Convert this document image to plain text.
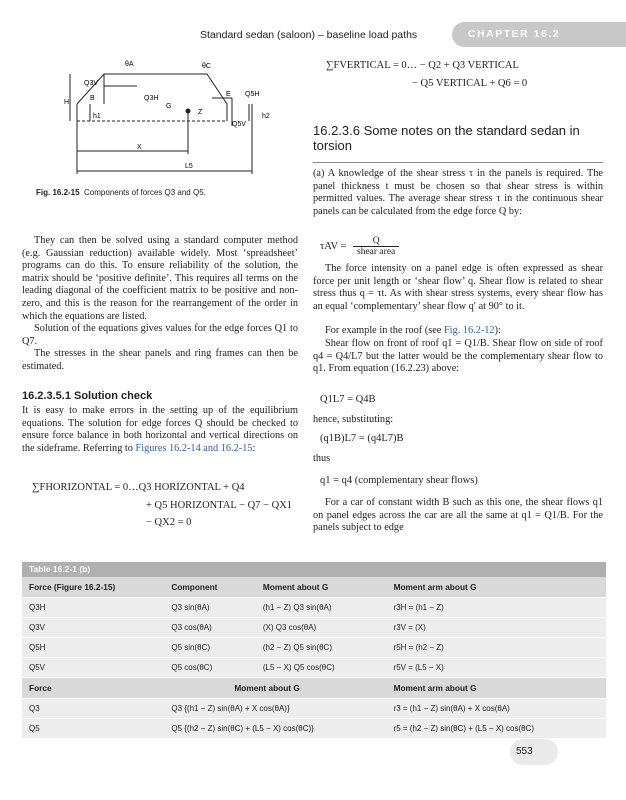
Standard sedan (saloon) – baseline load paths	CHAPTER 16.2
θA	θC
Q3V
B	Q3H
E Q5H
H
G
Z
h1
Q5V
h2
X
L5
Fig. 16.2-15 Components of forces Q3 and Q5.

They can then be solved using a standard computer method (e.g. Gaussian reduction) available widely. Most ‘spreadsheet’ programs can do this. To ensure reliability of the solution, the matrix should be ‘positive definite’. This requires all terms on the leading diagonal of the coefficient matrix to be positive and non-zero, and this is the reason for the rearrangement of the order in which the equations are listed.

Solution of the equations gives values for the edge forces Q1 to Q7.

The stresses in the shear panels and ring frames can then be estimated.

16.2.3.5.1 Solution check

It is easy to make errors in the setting up of the equilibrium equations. The solution for edge forces Q should be checked to ensure force balance in both horizontal and vertical directions on the sideframe. Referring to Figures 16.2-14 and 16.2-15:

∑FHORIZONTAL = 0…Q3 HORIZONTAL + Q4
+ Q5 HORIZONTAL − Q7 − QX1
− QX2 = 0
∑FVERTICAL = 0… − Q2 + Q3 VERTICAL
− Q5 VERTICAL + Q6 = 0
16.2.3.6 Some notes on the standard sedan in torsion

(a) A knowledge of the shear stress τ in the panels is required. The panel thickness t must be chosen so that shear stress is within permitted values. The average shear stress τ in the continuous shear panels can be calculated from the edge force Q by:

τAV =	Q
shear area

The force intensity on a panel edge is often expressed as shear force per unit length or ‘shear flow’ q. Shear flow is related to shear stress thus q = τt. As with shear stress systems, every shear flow has an equal ‘complementary’ shear flow q′ at 90° to it.

For example in the roof (see Fig. 16.2-12):

Shear flow on front of roof q1 = Q1/B. Shear flow on side of roof q4 = Q4/L7 but the latter would be the complementary shear flow to q1. From equation (16.2.23) above:

Q1L7 = Q4B

hence, substituting:

(q1B)L7 = (q4L7)B

thus

q1 = q4 (complementary shear flows)

For a car of constant width B such as this one, the shear flows q1 on panel edges across the car are all the same at q1 = Q1/B. For the panels subject to edge

Table 16.2-1 (b)
Force (Figure 16.2-15)	Component	Moment about G	Moment arm about G
Q3H	Q3 sin(θA)	(h1 − Z) Q3 sin(θA)	r3H = (h1 − Z)
Q3V	Q3 cos(θA)	(X) Q3 cos(θA)	r3V = (X)
Q5H	Q5 sin(θC)	(h2 − Z) Q5 sin(θC)	r5H = (h2 − Z)
Q5V	Q5 cos(θC)	(L5 − X) Q5 cos(θC)	r5V = (L5 − X)
Force	Moment about G		Moment arm about G
Q3	Q3 {(h1 − Z) sin(θA) + X cos(θA)}		r3 = (h1 − Z) sin(θA) + X cos(θA)
Q5	Q5 {(h2 − Z) sin(θC) + (L5 − X) cos(θC)}		r5 = (h2 − Z) sin(θC) + (L5 − X) cos(θC)
553
